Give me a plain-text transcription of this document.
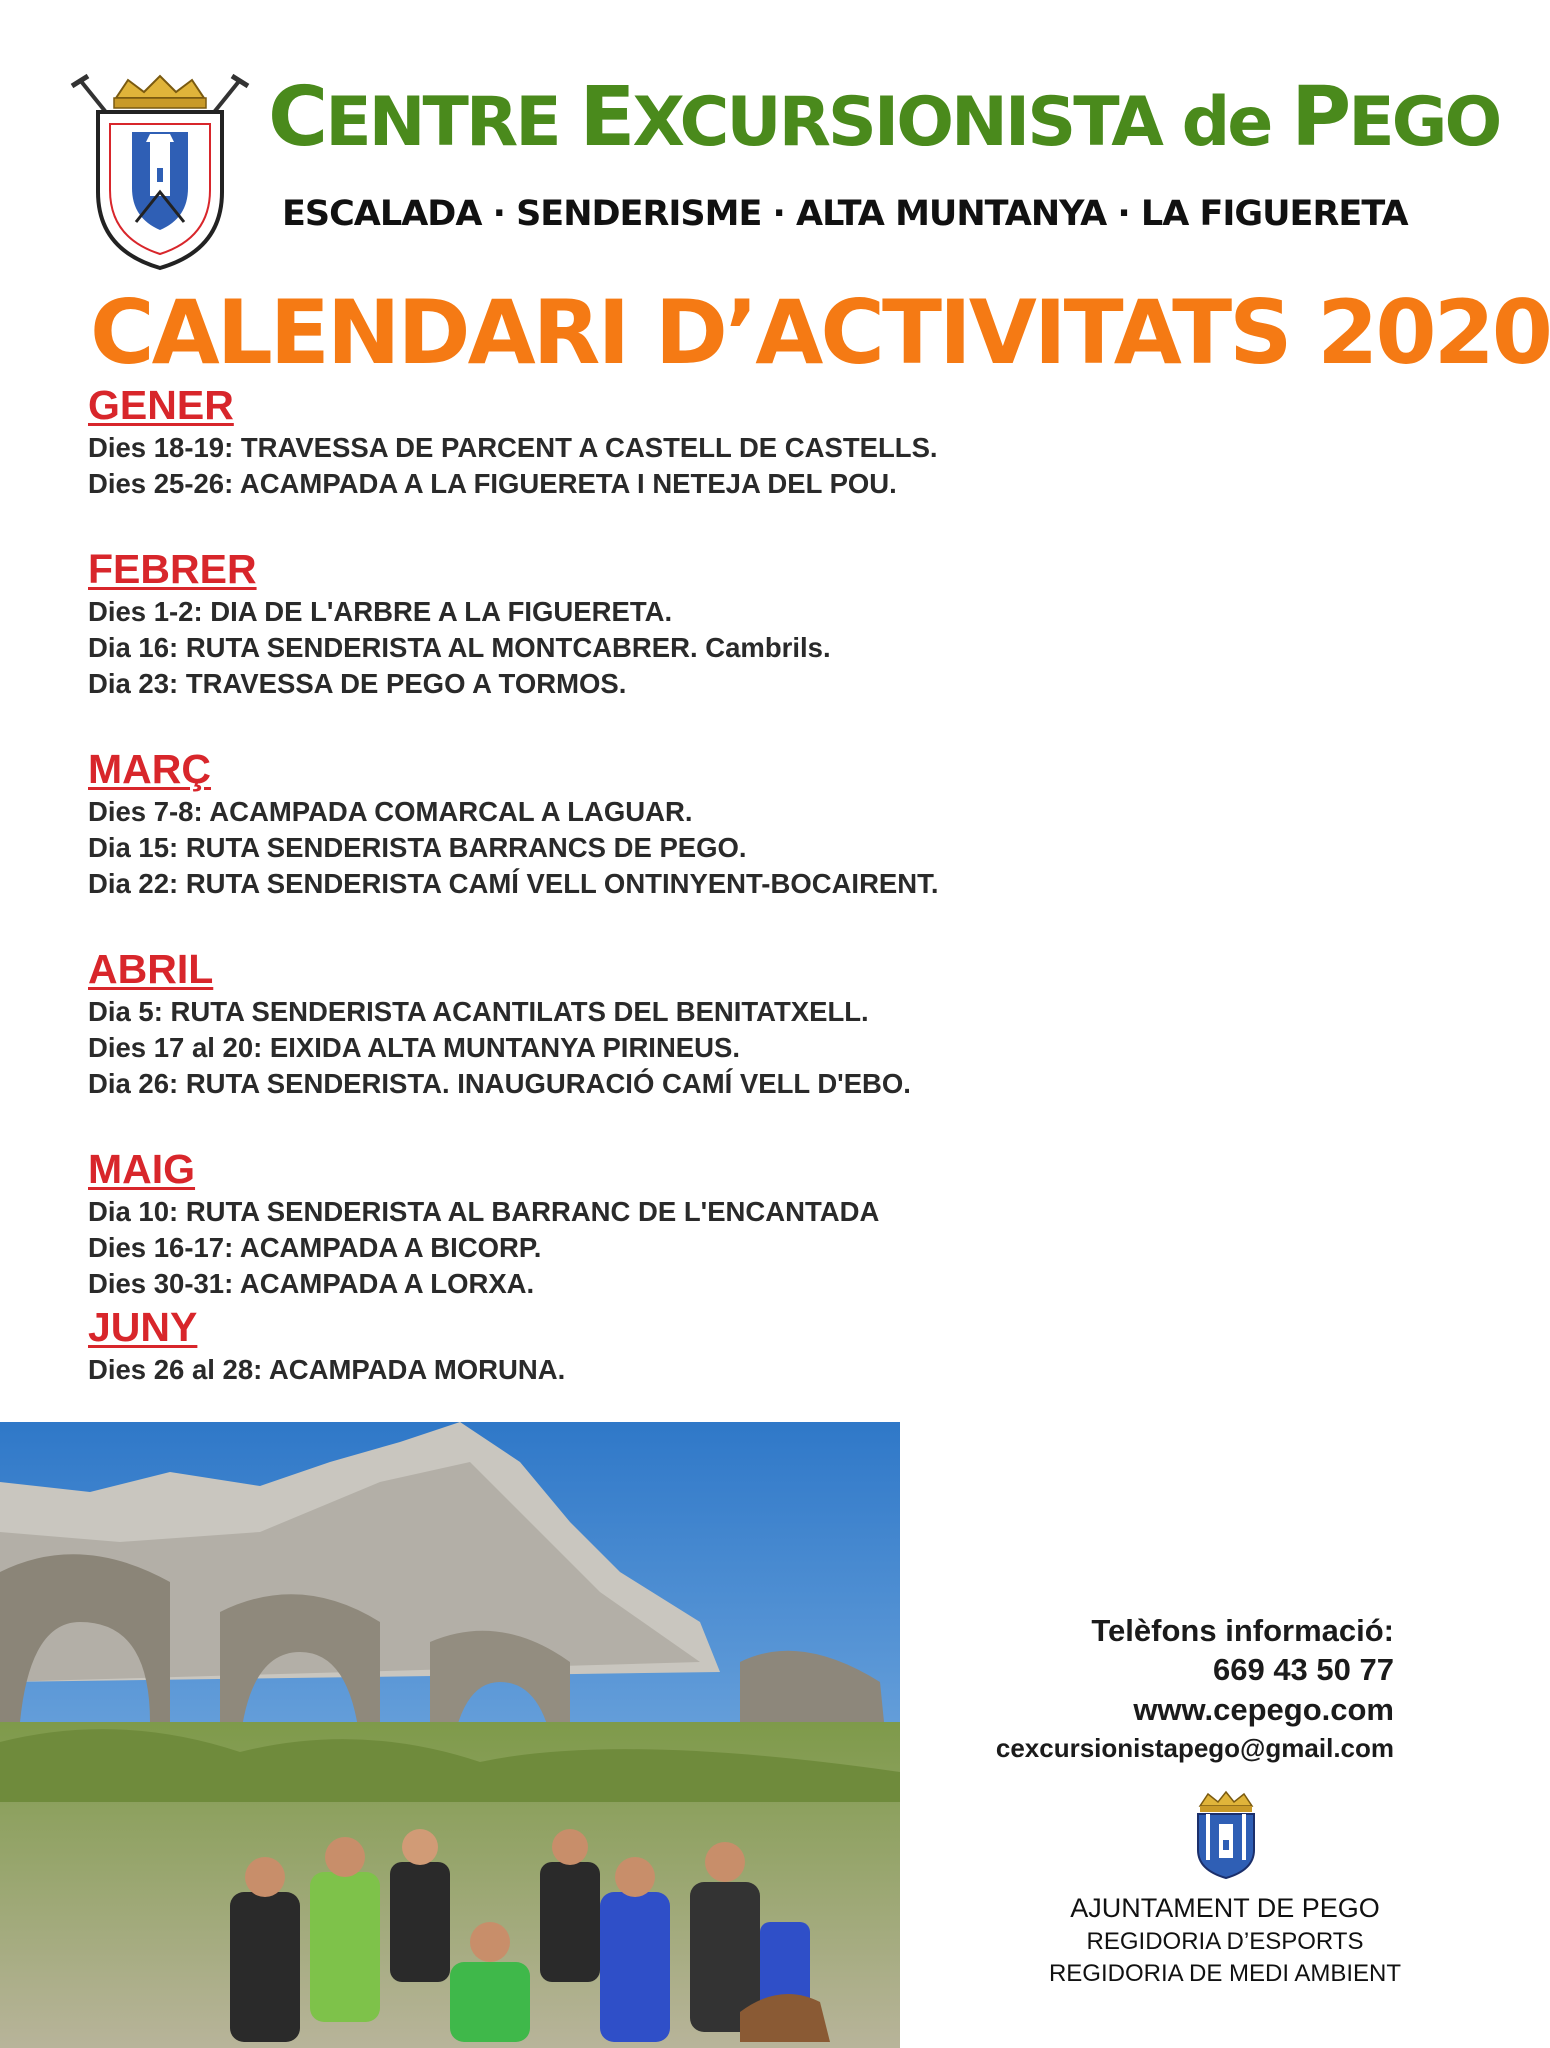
CENTRE EXCURSIONISTA de PEGO

ESCALADA · SENDERISME · ALTA MUNTANYA · LA FIGUERETA

CALENDARI D’ACTIVITATS 2020

GENER

Dies 18-19: TRAVESSA DE PARCENT A CASTELL DE CASTELLS.

Dies 25-26: ACAMPADA A LA FIGUERETA I NETEJA DEL POU.

FEBRER

Dies 1-2: DIA DE L'ARBRE A LA FIGUERETA.

Dia 16: RUTA SENDERISTA AL MONTCABRER. Cambrils.

Dia 23: TRAVESSA DE PEGO A TORMOS.

MARÇ

Dies 7-8: ACAMPADA COMARCAL A LAGUAR.

Dia 15: RUTA SENDERISTA BARRANCS DE PEGO.

Dia 22: RUTA SENDERISTA CAMÍ VELL ONTINYENT-BOCAIRENT.

ABRIL

Dia 5: RUTA SENDERISTA ACANTILATS DEL BENITATXELL.

Dies 17 al 20: EIXIDA ALTA MUNTANYA PIRINEUS.

Dia 26: RUTA SENDERISTA. INAUGURACIÓ CAMÍ VELL D'EBO.

MAIG

Dia 10: RUTA SENDERISTA AL BARRANC DE L'ENCANTADA

Dies 16-17: ACAMPADA A BICORP.

Dies 30-31: ACAMPADA A LORXA.

JUNY

Dies 26 al 28: ACAMPADA MORUNA.

Telèfons informació:

669 43 50 77

www.cepego.com

cexcursionistapego@gmail.com

AJUNTAMENT DE PEGO

REGIDORIA D’ESPORTS

REGIDORIA DE MEDI AMBIENT
